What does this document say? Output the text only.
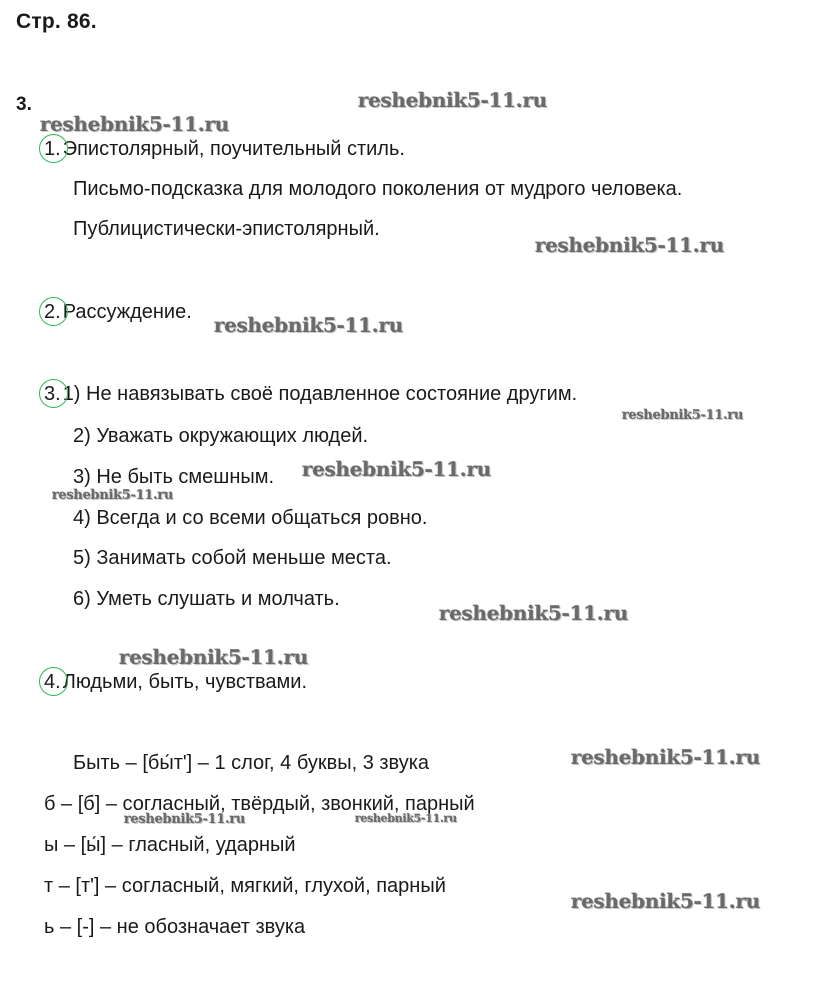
Стр. 86.
3.
1. Эпистолярный, поучительный стиль.
Письмо-подсказка для молодого поколения от мудрого человека.
Публицистически-эпистолярный.
2. Рассуждение.
3. 1) Не навязывать своё подавленное состояние другим.
2) Уважать окружающих людей.
3) Не быть смешным.
4) Всегда и со всеми общаться ровно.
5) Занимать собой меньше места.
6) Уметь слушать и молчать.
4. Людьми, быть, чувствами.
Быть – [бы́т'] – 1 слог, 4 буквы, 3 звука
б – [б] – согласный, твёрдый, звонкий, парный
ы – [ы́] – гласный, ударный
т – [т'] – согласный, мягкий, глухой, парный
ь – [-] – не обозначает звука
reshebnik5-11.ru
reshebnik5-11.ru
reshebnik5-11.ru
reshebnik5-11.ru
reshebnik5-11.ru
reshebnik5-11.ru
reshebnik5-11.ru
reshebnik5-11.ru
reshebnik5-11.ru
reshebnik5-11.ru
reshebnik5-11.ru	reshebnik5-11.ru
reshebnik5-11.ru
